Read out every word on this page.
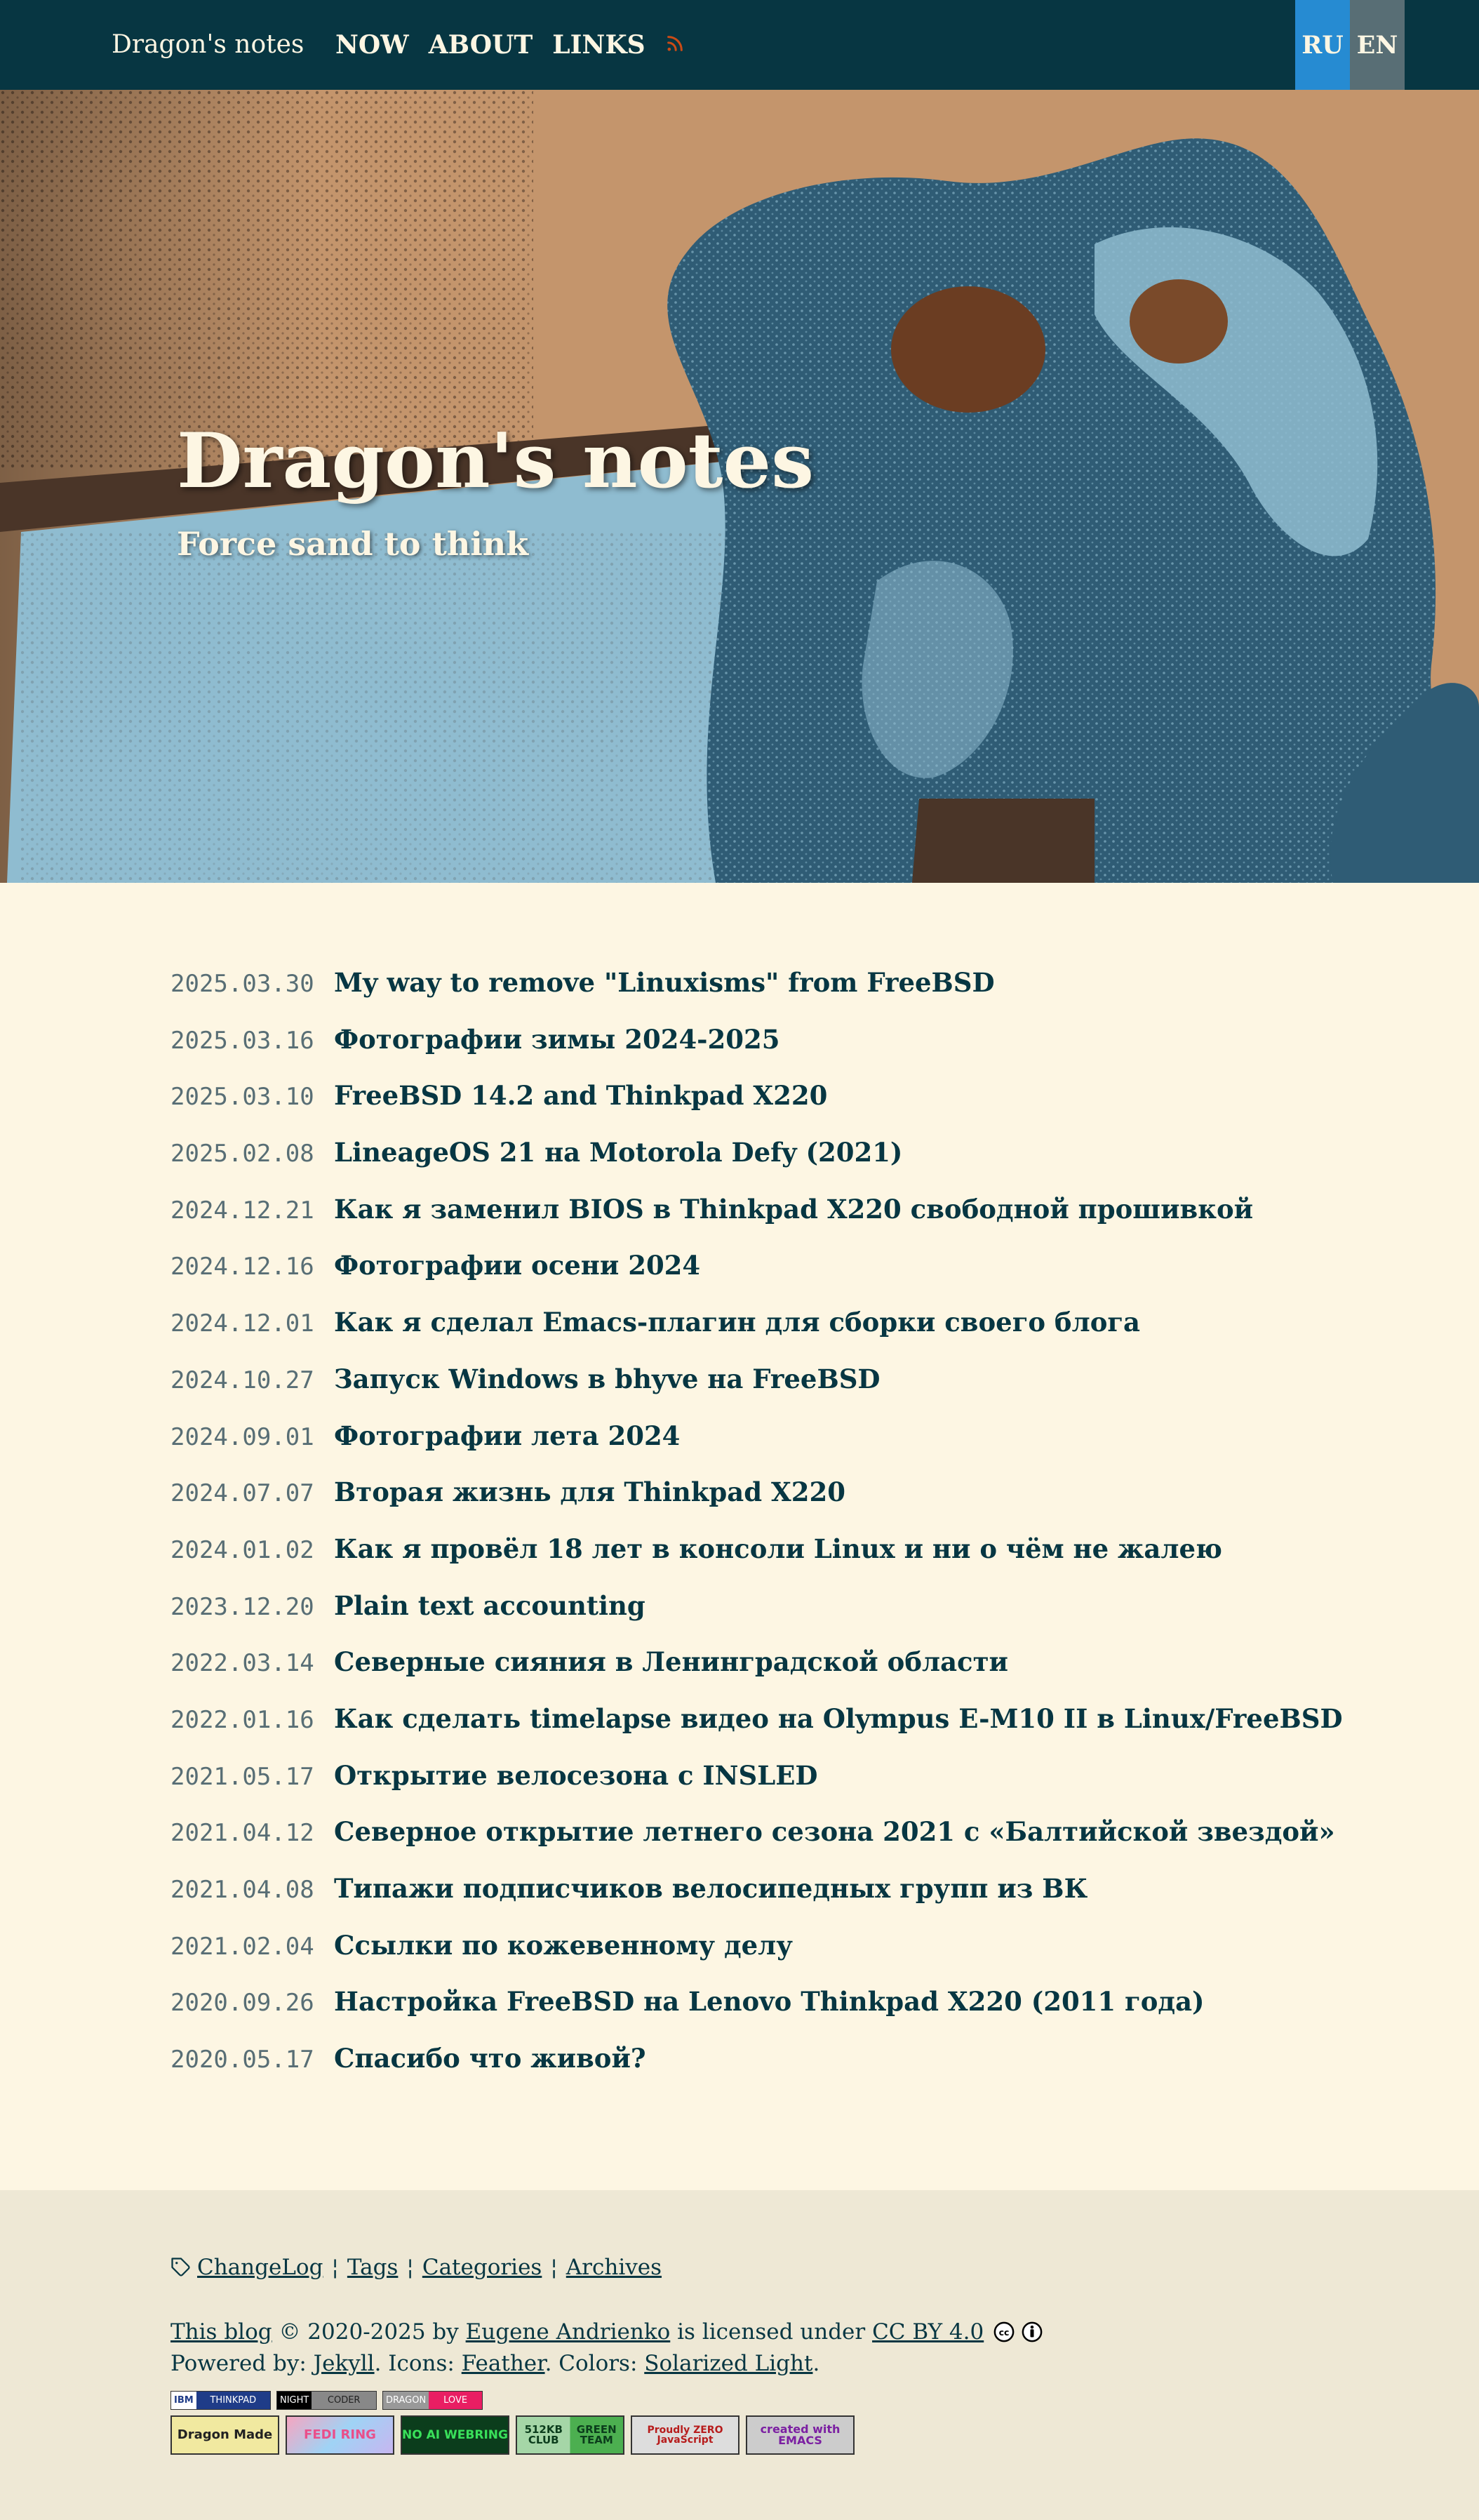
Dragon's notes NOW ABOUT LINKS	RU EN
Dragon's notes
Force sand to think
2025.03.30 My way to remove "Linuxisms" from FreeBSD
2025.03.16 Фотографии зимы 2024-2025
2025.03.10 FreeBSD 14.2 and Thinkpad X220
2025.02.08 LineageOS 21 на Motorola Defy (2021)
2024.12.21 Как я заменил BIOS в Thinkpad X220 свободной прошивкой
2024.12.16 Фотографии осени 2024
2024.12.01 Как я сделал Emacs-плагин для сборки своего блога
2024.10.27 Запуск Windows в bhyve на FreeBSD
2024.09.01 Фотографии лета 2024
2024.07.07 Вторая жизнь для Thinkpad X220
2024.01.02 Как я провёл 18 лет в консоли Linux и ни о чём не жалею
2023.12.20 Plain text accounting
2022.03.14 Северные сияния в Ленинградской области
2022.01.16 Как сделать timelapse видео на Olympus E-M10 II в Linux/FreeBSD
2021.05.17 Открытие велосезона с INSLED
2021.04.12 Северное открытие летнего сезона 2021 с «Балтийской звездой»
2021.04.08 Типажи подписчиков велосипедных групп из ВК
2021.02.04 Ссылки по кожевенному делу
2020.09.26 Настройка FreeBSD на Lenovo Thinkpad X220 (2011 года)
2020.05.17 Спасибо что живой?
ChangeLog ¦ Tags ¦ Categories ¦ Archives
This blog © 2020-2025 by Eugene Andrienko is licensed under CC BY 4.0 cc
Powered by: Jekyll. Icons: Feather. Colors: Solarized Light.
IBM	THINKPAD	NIGHT	CODER	DRAGON	LOVE
Dragon Made	FEDI RING	NO AI WEBRING	512KB CLUB
GREEN TEAM
Proudly ZERO JavaScript
created with EMACS
